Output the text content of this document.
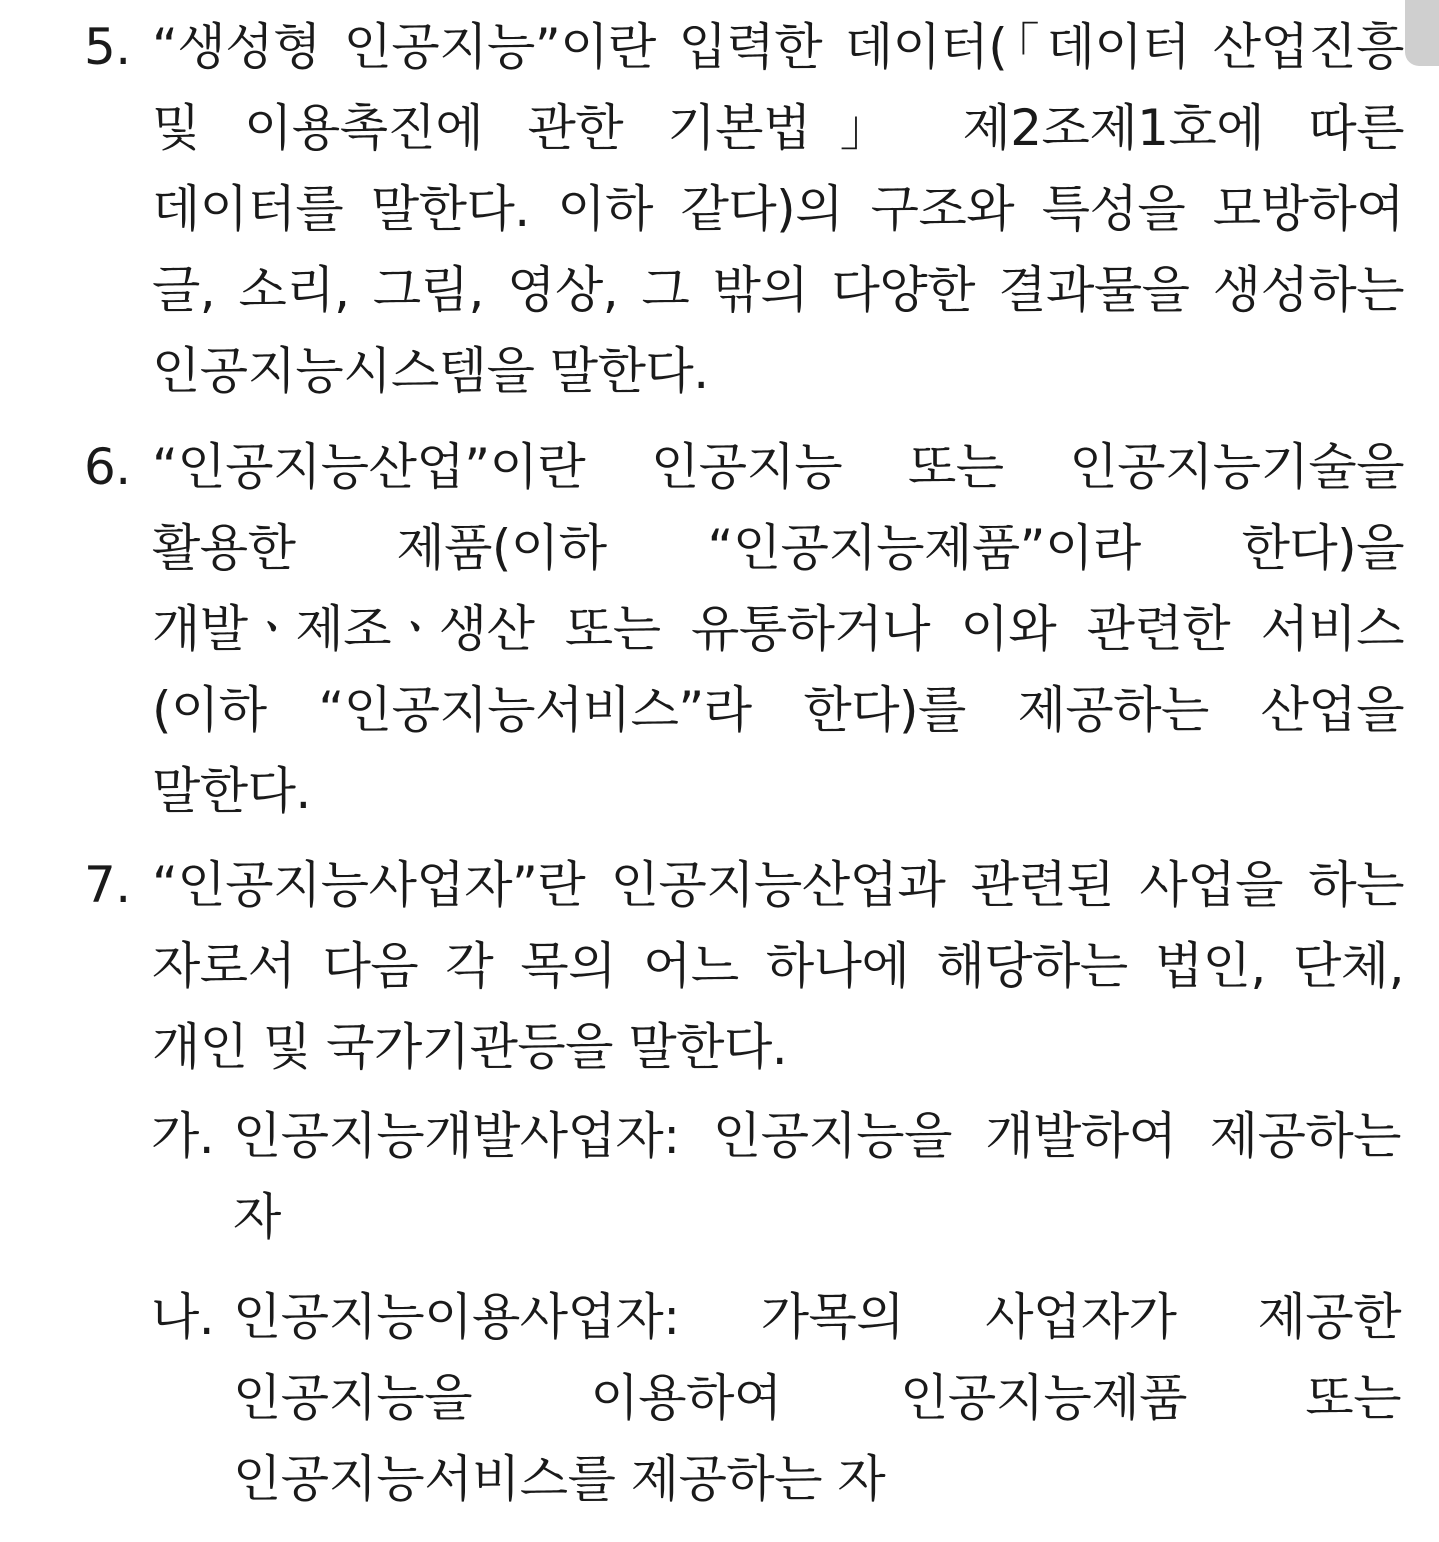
5. “생성형 인공지능”이란 입력한 데이터(「데이터 산업진흥 및 이용촉진에 관한 기본법」 제2조제1호에 따른 데이터를 말한다. 이하 같다)의 구조와 특성을 모방하여 글, 소리, 그림, 영상, 그 밖의 다양한 결과물을 생성하는 인공지능시스템을 말한다.
6. “인공지능산업”이란 인공지능 또는 인공지능기술을 활용한 제품(이하 “인공지능제품”이라 한다)을 개발ㆍ제조ㆍ생산 또는 유통하거나 이와 관련한 서비스(이하 “인공지능서비스”라 한다)를 제공하는 산업을 말한다.
7. “인공지능사업자”란 인공지능산업과 관련된 사업을 하는 자로서 다음 각 목의 어느 하나에 해당하는 법인, 단체, 개인 및 국가기관등을 말한다.
가. 인공지능개발사업자: 인공지능을 개발하여 제공하는 자
나. 인공지능이용사업자: 가목의 사업자가 제공한 인공지능을 이용하여 인공지능제품 또는 인공지능서비스를 제공하는 자
